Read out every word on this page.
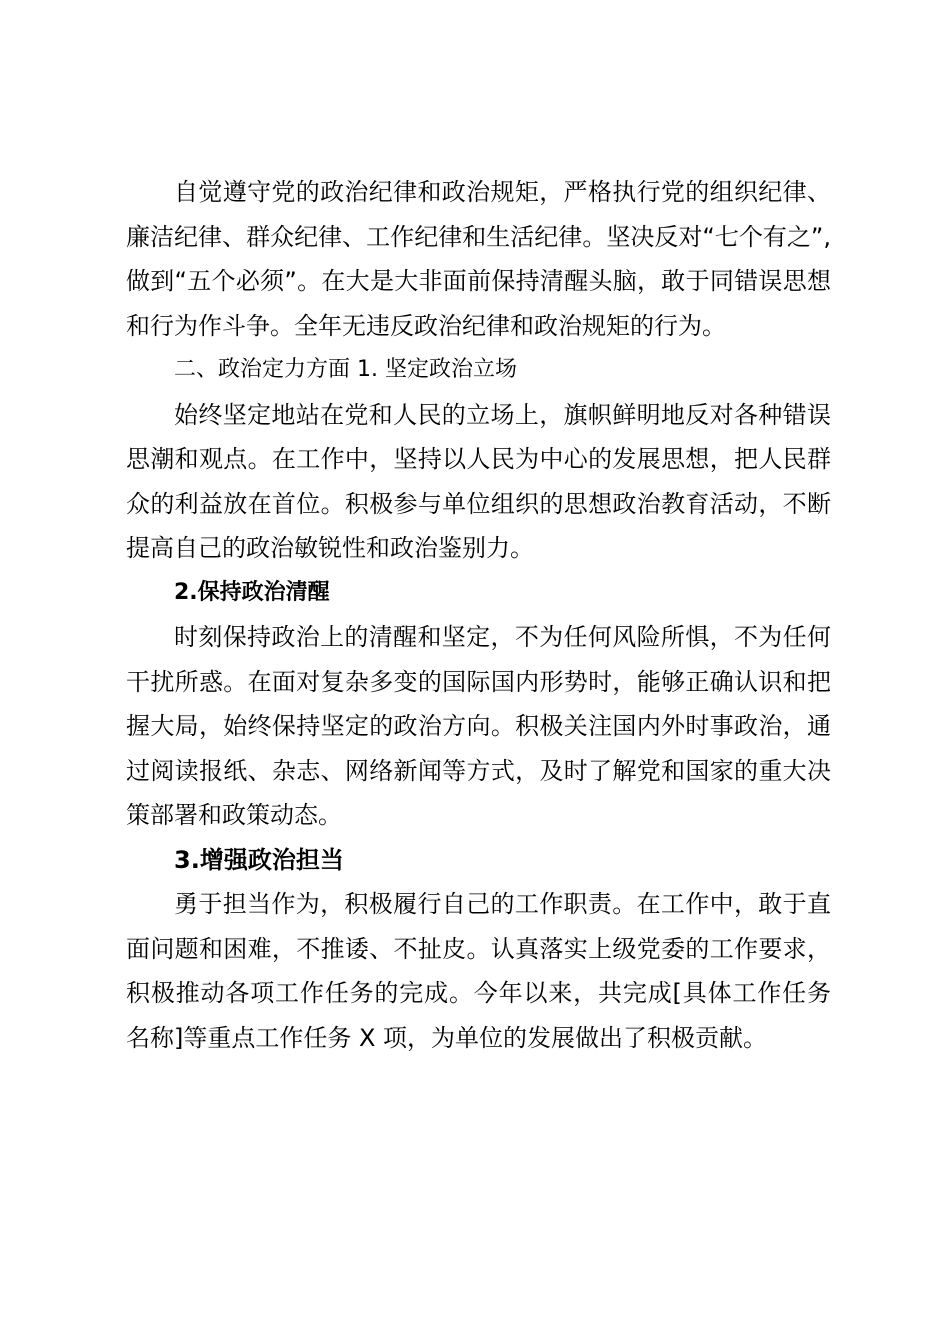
自觉遵守党的政治纪律和政治规矩，严格执行党的组织纪律、廉洁纪律、群众纪律、工作纪律和生活纪律。坚决反对“七个有之”,做到“五个必须”。在大是大非面前保持清醒头脑，敢于同错误思想和行为作斗争。全年无违反政治纪律和政治规矩的行为。

二、政治定力方面 1. 坚定政治立场

始终坚定地站在党和人民的立场上，旗帜鲜明地反对各种错误思潮和观点。在工作中，坚持以人民为中心的发展思想，把人民群众的利益放在首位。积极参与单位组织的思想政治教育活动，不断提高自己的政治敏锐性和政治鉴别力。

2.保持政治清醒

时刻保持政治上的清醒和坚定，不为任何风险所惧，不为任何干扰所惑。在面对复杂多变的国际国内形势时，能够正确认识和把握大局，始终保持坚定的政治方向。积极关注国内外时事政治，通过阅读报纸、杂志、网络新闻等方式，及时了解党和国家的重大决策部署和政策动态。

3.增强政治担当

勇于担当作为，积极履行自己的工作职责。在工作中，敢于直面问题和困难，不推诿、不扯皮。认真落实上级党委的工作要求，积极推动各项工作任务的完成。今年以来，共完成[具体工作任务名称]等重点工作任务 X 项，为单位的发展做出了积极贡献。
